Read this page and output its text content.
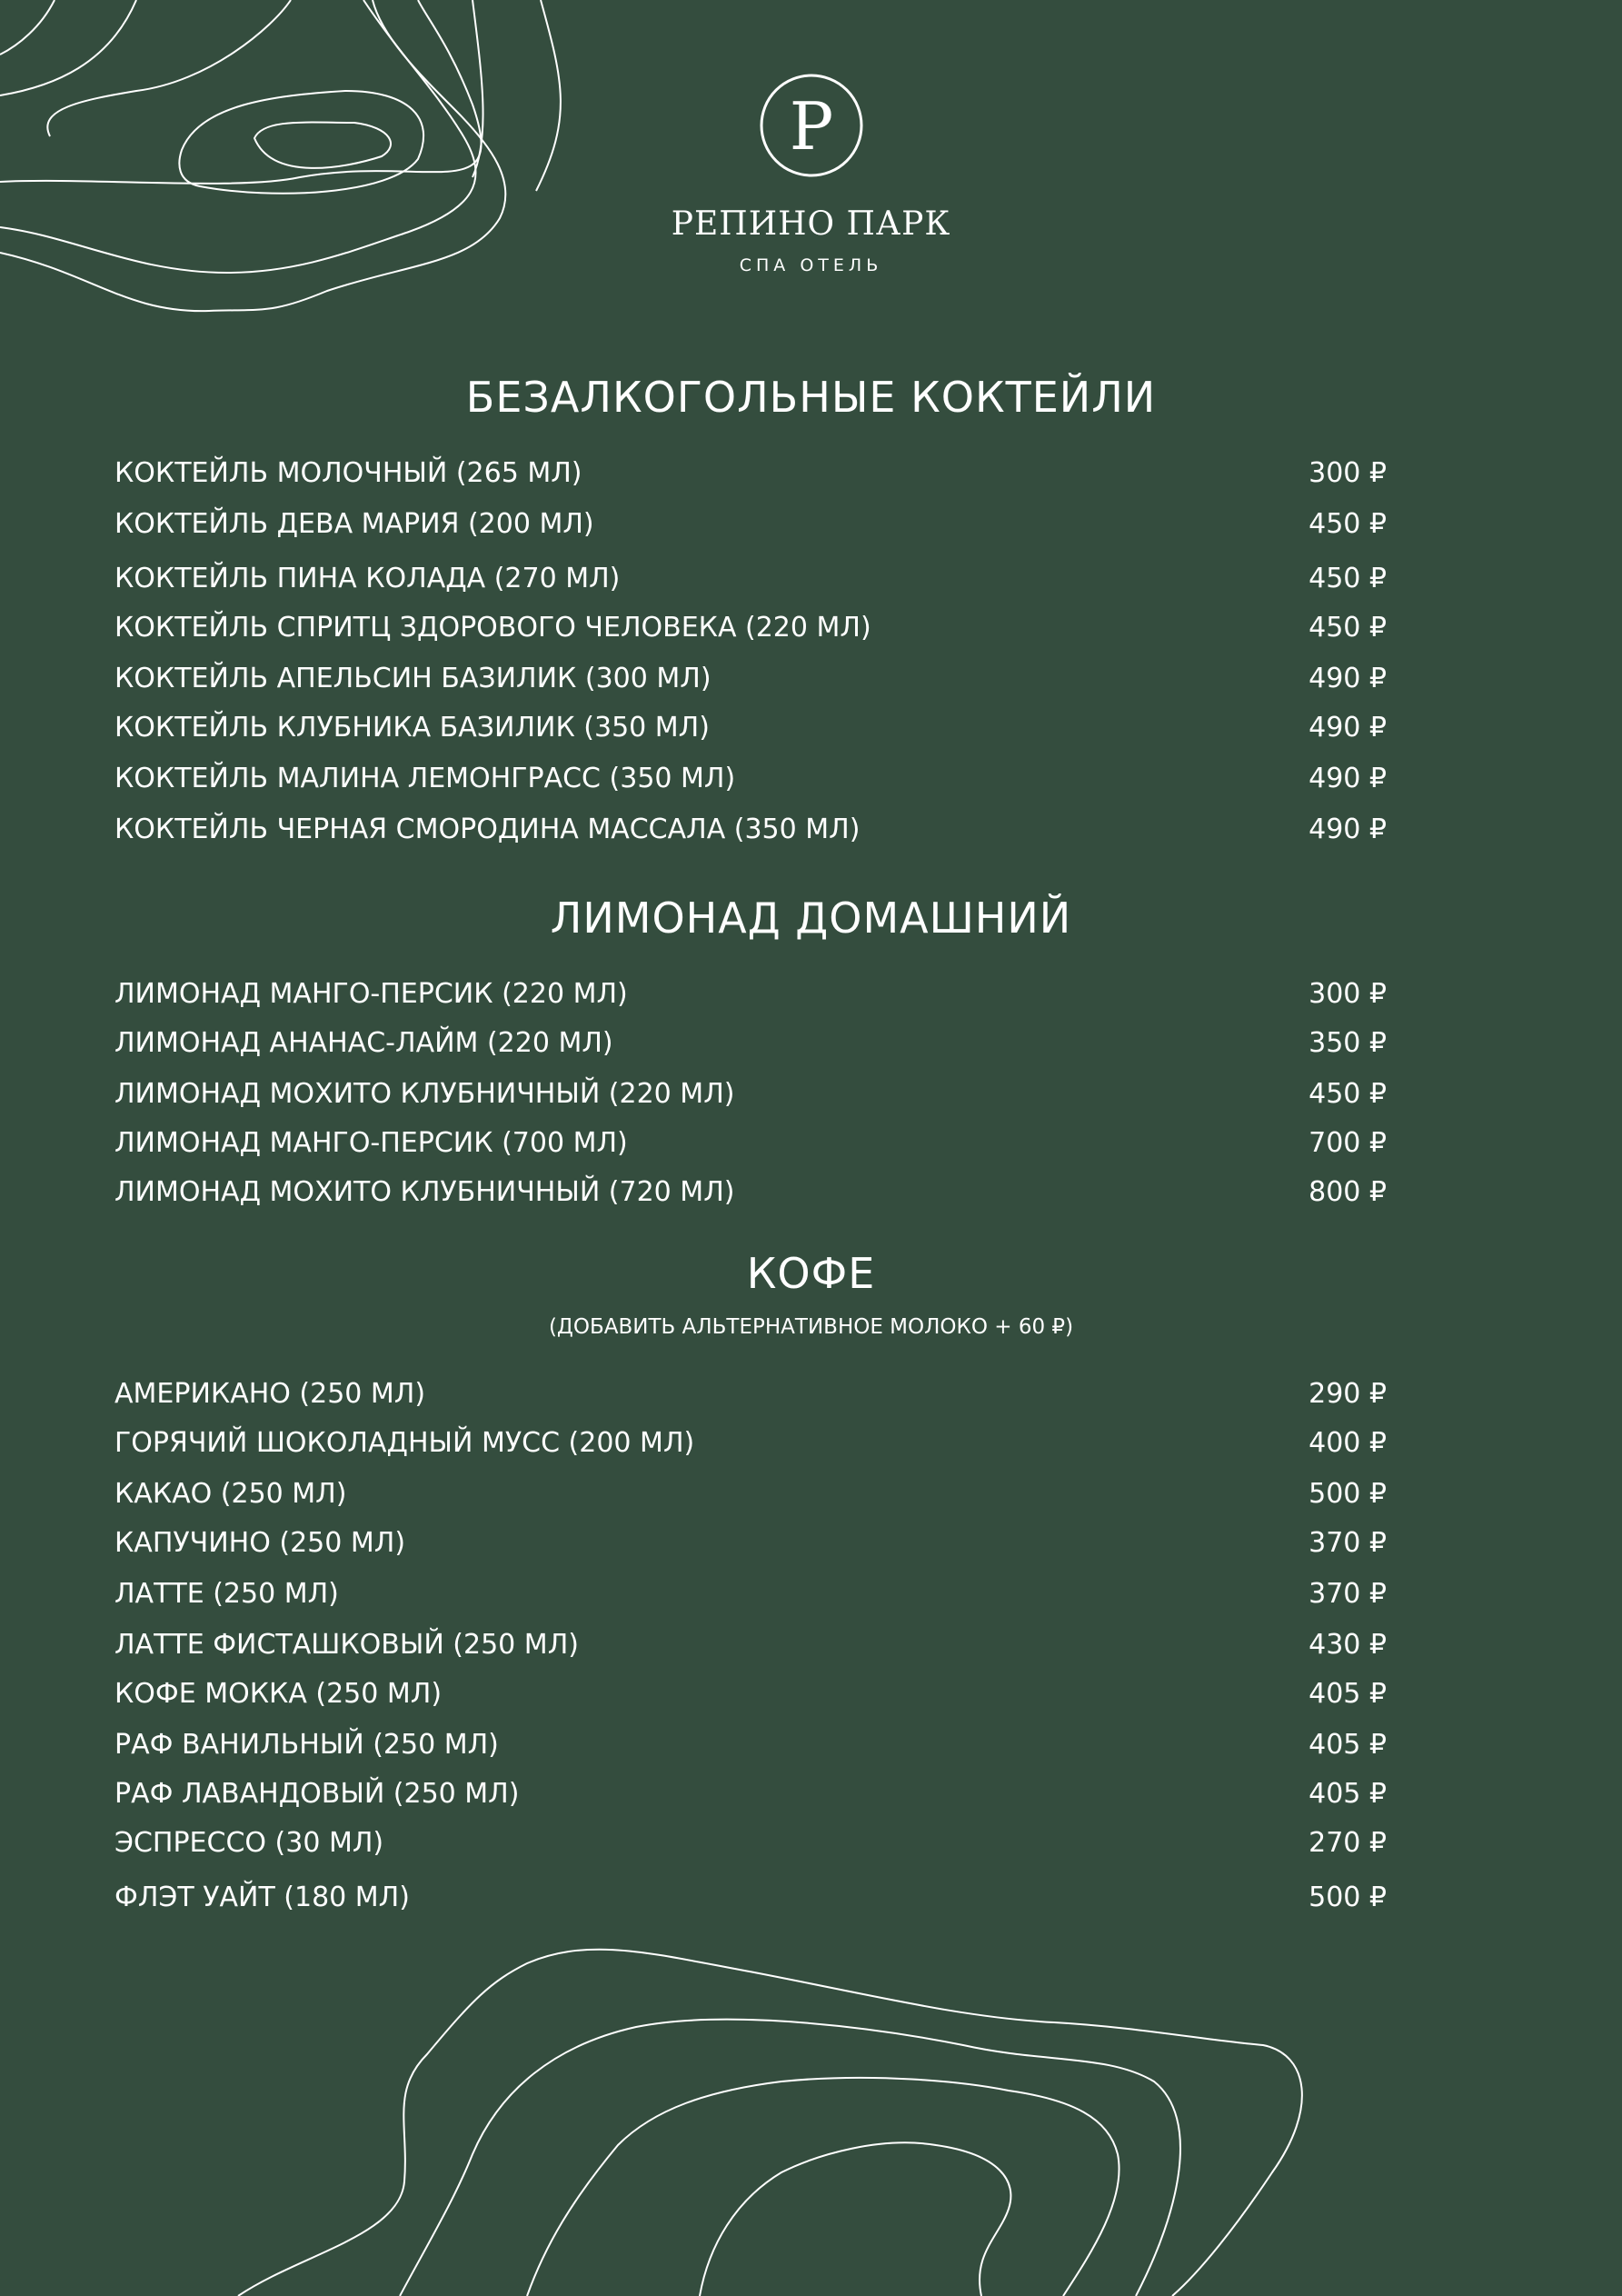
P
РЕПИНО ПАРК
СПА ОТЕЛЬ
БЕЗАЛКОГОЛЬНЫЕ КОКТЕЙЛИ
КОКТЕЙЛЬ МОЛОЧНЫЙ (265 МЛ)	300 ₽
КОКТЕЙЛЬ ДЕВА МАРИЯ (200 МЛ)	450 ₽
КОКТЕЙЛЬ ПИНА КОЛАДА (270 МЛ)	450 ₽
КОКТЕЙЛЬ СПРИТЦ ЗДОРОВОГО ЧЕЛОВЕКА (220 МЛ)	450 ₽
КОКТЕЙЛЬ АПЕЛЬСИН БАЗИЛИК (300 МЛ)	490 ₽
КОКТЕЙЛЬ КЛУБНИКА БАЗИЛИК (350 МЛ)	490 ₽
КОКТЕЙЛЬ МАЛИНА ЛЕМОНГРАСС (350 МЛ)	490 ₽
КОКТЕЙЛЬ ЧЕРНАЯ СМОРОДИНА МАССАЛА (350 МЛ)	490 ₽
ЛИМОНАД ДОМАШНИЙ
ЛИМОНАД МАНГО-ПЕРСИК (220 МЛ)	300 ₽
ЛИМОНАД АНАНАС-ЛАЙМ (220 МЛ)	350 ₽
ЛИМОНАД МОХИТО КЛУБНИЧНЫЙ (220 МЛ)	450 ₽
ЛИМОНАД МАНГО-ПЕРСИК (700 МЛ)	700 ₽
ЛИМОНАД МОХИТО КЛУБНИЧНЫЙ (720 МЛ)	800 ₽
КОФЕ
(ДОБАВИТЬ АЛЬТЕРНАТИВНОЕ МОЛОКО + 60 ₽)
АМЕРИКАНО (250 МЛ)	290 ₽
ГОРЯЧИЙ ШОКОЛАДНЫЙ МУСС (200 МЛ)	400 ₽
КАКАО (250 МЛ)	500 ₽
КАПУЧИНО (250 МЛ)	370 ₽
ЛАТТЕ (250 МЛ)	370 ₽
ЛАТТЕ ФИСТАШКОВЫЙ (250 МЛ)	430 ₽
КОФЕ МОККА (250 МЛ)	405 ₽
РАФ ВАНИЛЬНЫЙ (250 МЛ)	405 ₽
РАФ ЛАВАНДОВЫЙ (250 МЛ)	405 ₽
ЭСПРЕССО (30 МЛ)	270 ₽
ФЛЭТ УАЙТ (180 МЛ)	500 ₽
